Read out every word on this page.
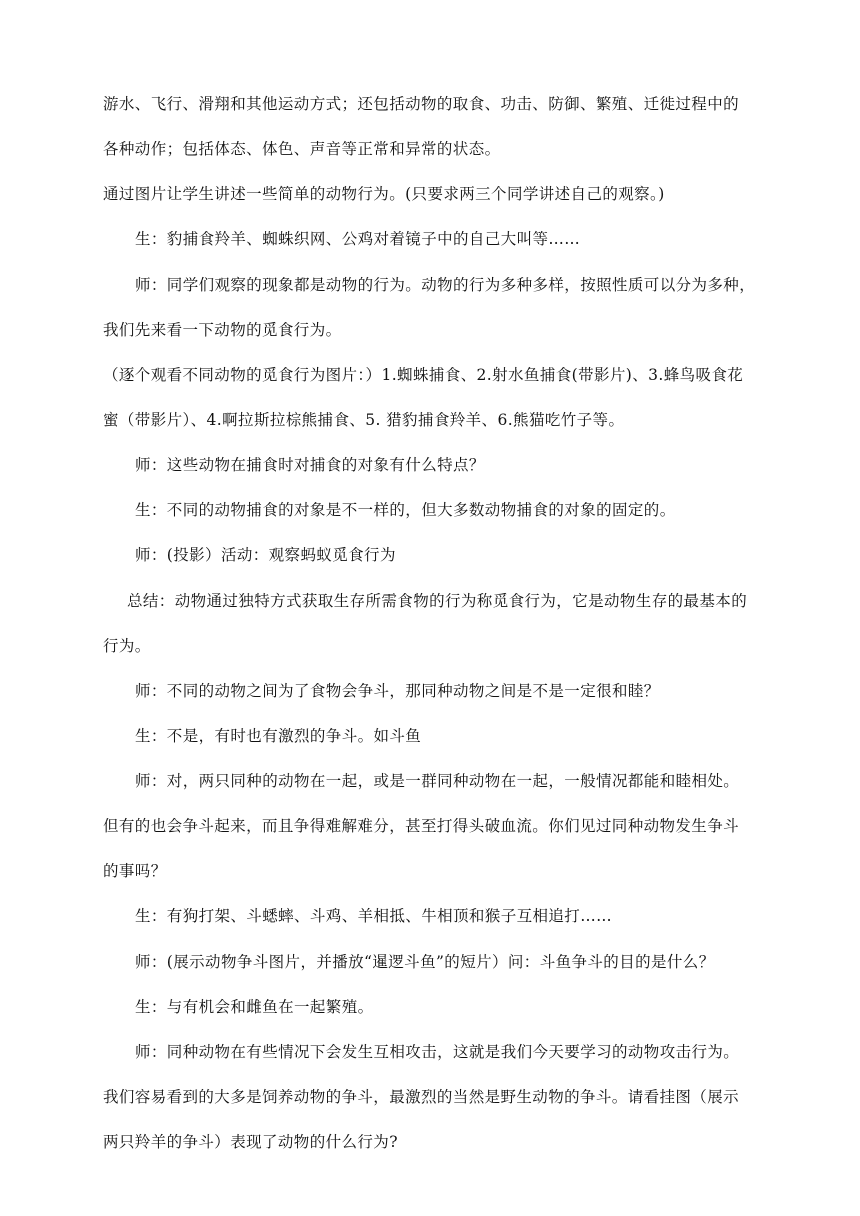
游水、飞行、滑翔和其他运动方式；还包括动物的取食、功击、防御、繁殖、迁徙过程中的
各种动作；包括体态、体色、声音等正常和异常的状态。

通过图片让学生讲述一些简单的动物行为。(只要求两三个同学讲述自己的观察。)

生：豹捕食羚羊、蜘蛛织网、公鸡对着镜子中的自己大叫等……

师：同学们观察的现象都是动物的行为。动物的行为多种多样，按照性质可以分为多种，
我们先来看一下动物的觅食行为。

（逐个观看不同动物的觅食行为图片：）1.蜘蛛捕食、2.射水鱼捕食(带影片)、3.蜂鸟吸食花
蜜（带影片）、4.啊拉斯拉棕熊捕食、5. 猎豹捕食羚羊、6.熊猫吃竹子等。

师：这些动物在捕食时对捕食的对象有什么特点？

生：不同的动物捕食的对象是不一样的，但大多数动物捕食的对象的固定的。

师：(投影）活动：观察蚂蚁觅食行为

总结：动物通过独特方式获取生存所需食物的行为称觅食行为，它是动物生存的最基本的
行为。

师：不同的动物之间为了食物会争斗，那同种动物之间是不是一定很和睦？

生：不是，有时也有激烈的争斗。如斗鱼

师：对，两只同种的动物在一起，或是一群同种动物在一起，一般情况都能和睦相处。
但有的也会争斗起来，而且争得难解难分，甚至打得头破血流。你们见过同种动物发生争斗
的事吗？

生：有狗打架、斗蟋蟀、斗鸡、羊相抵、牛相顶和猴子互相追打……

师：(展示动物争斗图片，并播放“暹逻斗鱼”的短片）问：斗鱼争斗的目的是什么？

生：与有机会和雌鱼在一起繁殖。

师：同种动物在有些情况下会发生互相攻击，这就是我们今天要学习的动物攻击行为。
我们容易看到的大多是饲养动物的争斗，最激烈的当然是野生动物的争斗。请看挂图（展示
两只羚羊的争斗）表现了动物的什么行为?
